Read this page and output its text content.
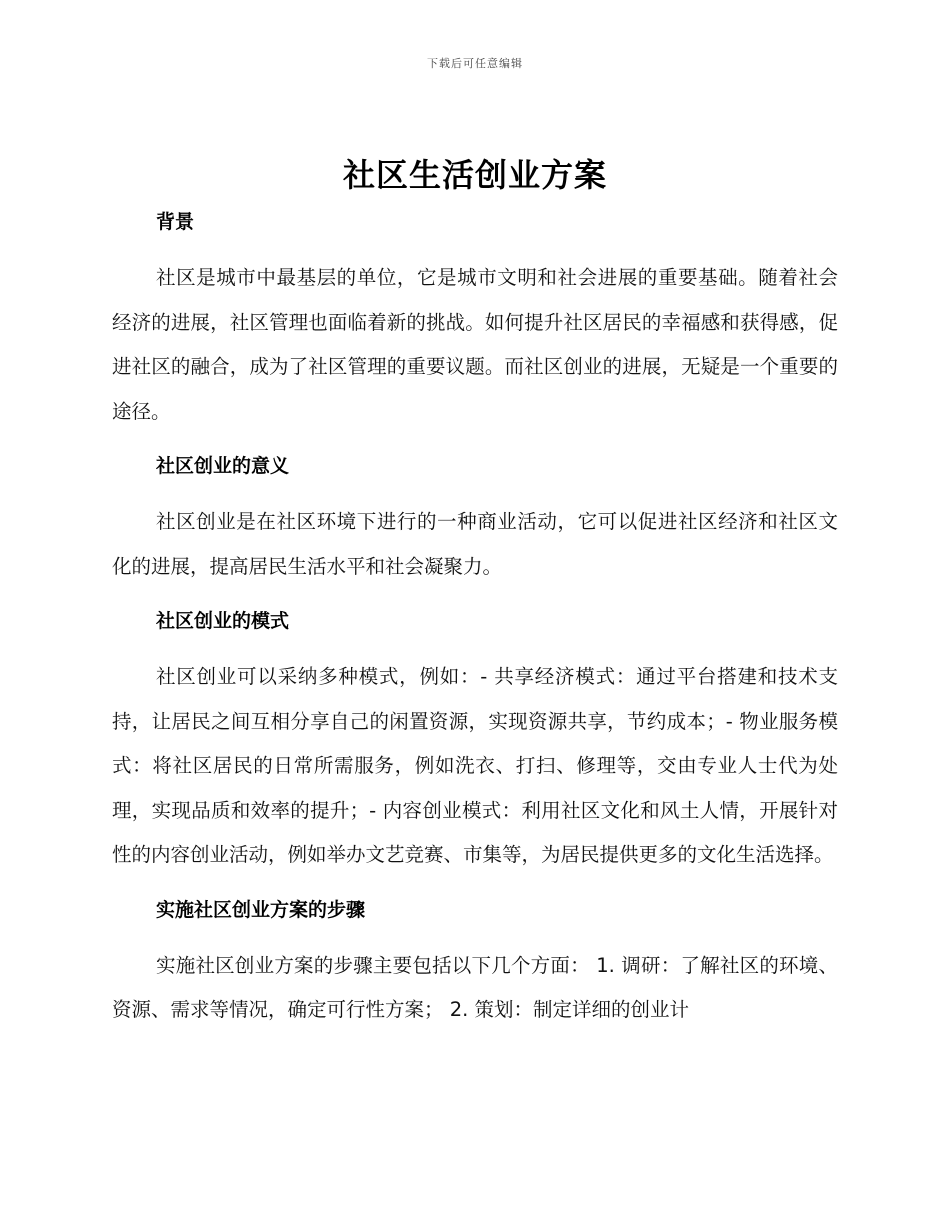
下载后可任意编辑
社区生活创业方案
背景

社区是城市中最基层的单位，它是城市文明和社会进展的重要基础。随着社会经济的进展，社区管理也面临着新的挑战。如何提升社区居民的幸福感和获得感，促进社区的融合，成为了社区管理的重要议题。而社区创业的进展，无疑是一个重要的途径。

社区创业的意义

社区创业是在社区环境下进行的一种商业活动，它可以促进社区经济和社区文化的进展，提高居民生活水平和社会凝聚力。

社区创业的模式

社区创业可以采纳多种模式，例如：- 共享经济模式：通过平台搭建和技术支持，让居民之间互相分享自己的闲置资源，实现资源共享，节约成本；- 物业服务模式：将社区居民的日常所需服务，例如洗衣、打扫、修理等，交由专业人士代为处理，实现品质和效率的提升；- 内容创业模式：利用社区文化和风土人情，开展针对性的内容创业活动，例如举办文艺竞赛、市集等，为居民提供更多的文化生活选择。

实施社区创业方案的步骤

实施社区创业方案的步骤主要包括以下几个方面： 1. 调研：了解社区的环境、资源、需求等情况，确定可行性方案； 2. 策划：制定详细的创业计
